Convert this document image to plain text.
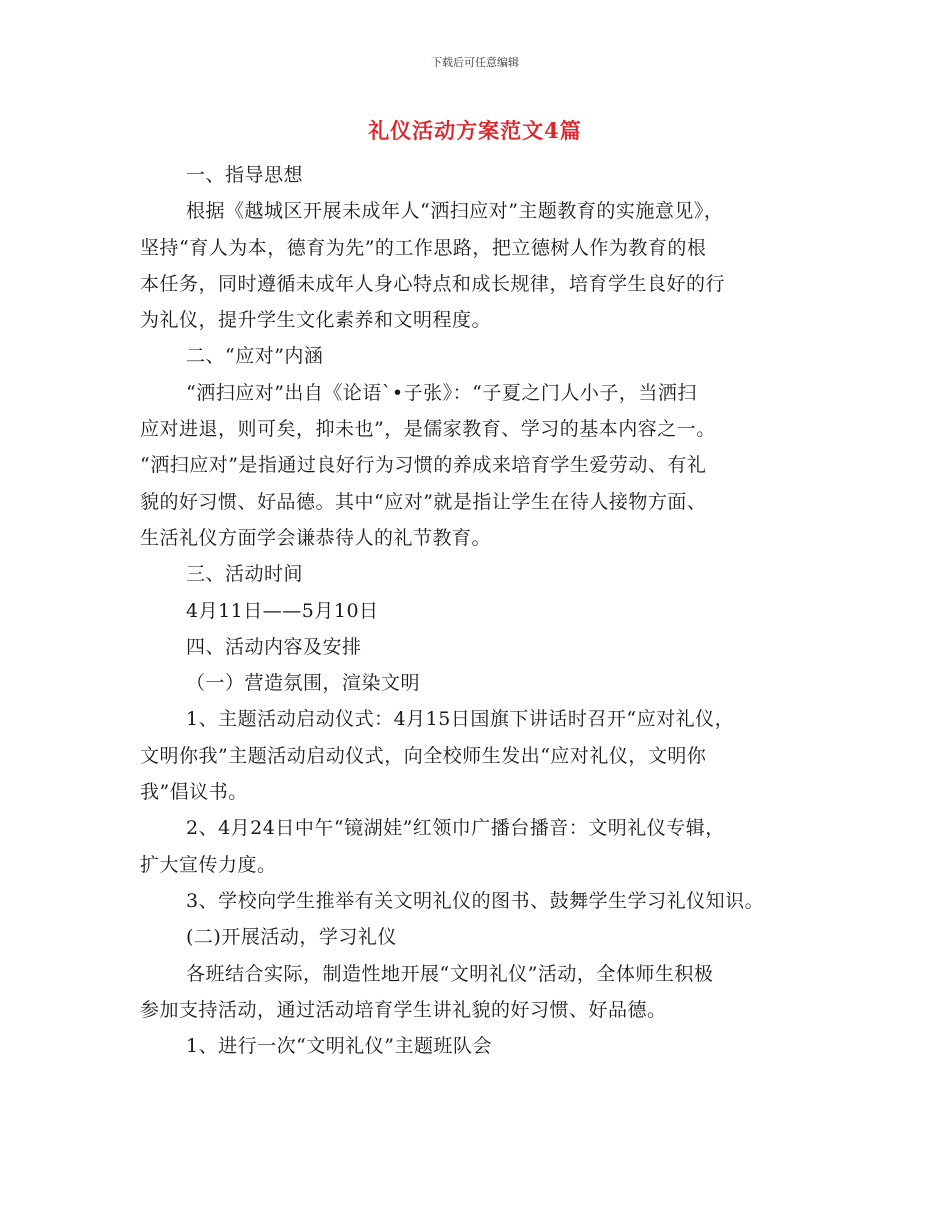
下载后可任意编辑
礼仪活动方案范文4篇
一、指导思想
根据《越城区开展未成年人“洒扫应对”主题教育的实施意见》，
坚持“育人为本，德育为先”的工作思路，把立德树人作为教育的根
本任务，同时遵循未成年人身心特点和成长规律，培育学生良好的行
为礼仪，提升学生文化素养和文明程度。
二、“应对”内涵
“洒扫应对”出自《论语`•子张》：“子夏之门人小子，当洒扫
应对进退，则可矣，抑未也”，是儒家教育、学习的基本内容之一。
“洒扫应对”是指通过良好行为习惯的养成来培育学生爱劳动、有礼
貌的好习惯、好品德。其中“应对”就是指让学生在待人接物方面、
生活礼仪方面学会谦恭待人的礼节教育。
三、活动时间
4月11日——5月10日
四、活动内容及安排
（一）营造氛围，渲染文明
1、主题活动启动仪式：4月15日国旗下讲话时召开“应对礼仪，
文明你我”主题活动启动仪式，向全校师生发出“应对礼仪，文明你
我”倡议书。
2、4月24日中午“镜湖娃”红领巾广播台播音：文明礼仪专辑，
扩大宣传力度。
3、学校向学生推举有关文明礼仪的图书、鼓舞学生学习礼仪知识。
(二)开展活动，学习礼仪
各班结合实际，制造性地开展“文明礼仪”活动，全体师生积极
参加支持活动，通过活动培育学生讲礼貌的好习惯、好品德。
1、进行一次“文明礼仪”主题班队会
